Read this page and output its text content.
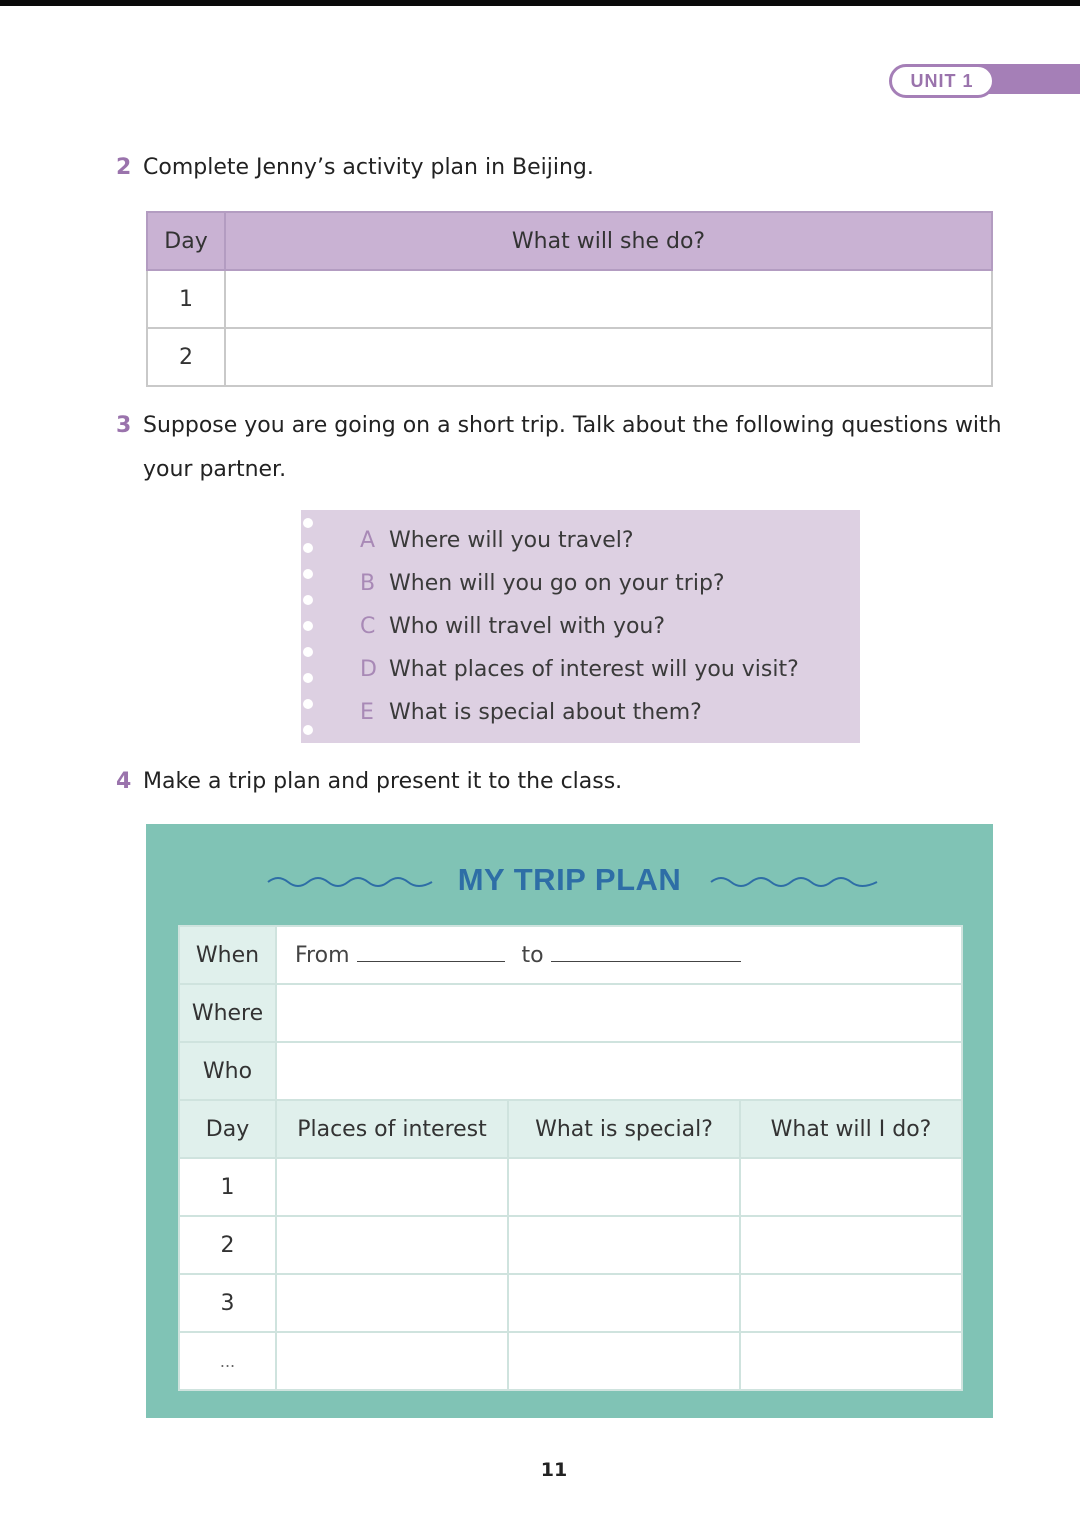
UNIT 1
2 Complete Jenny’s activity plan in Beijing.
Day	What will she do?
1	
2	
3 Suppose you are going on a short trip. Talk about the following questions with
your partner.
A Where will you travel?
B When will you go on your trip?
C Who will travel with you?
D What places of interest will you visit?
E What is special about them?
4 Make a trip plan and present it to the class.
MY TRIP PLAN
When	From to		
Where			
Who			
Day	Places of interest	What is special?	What will I do?
1			
2			
3			
...			
11
